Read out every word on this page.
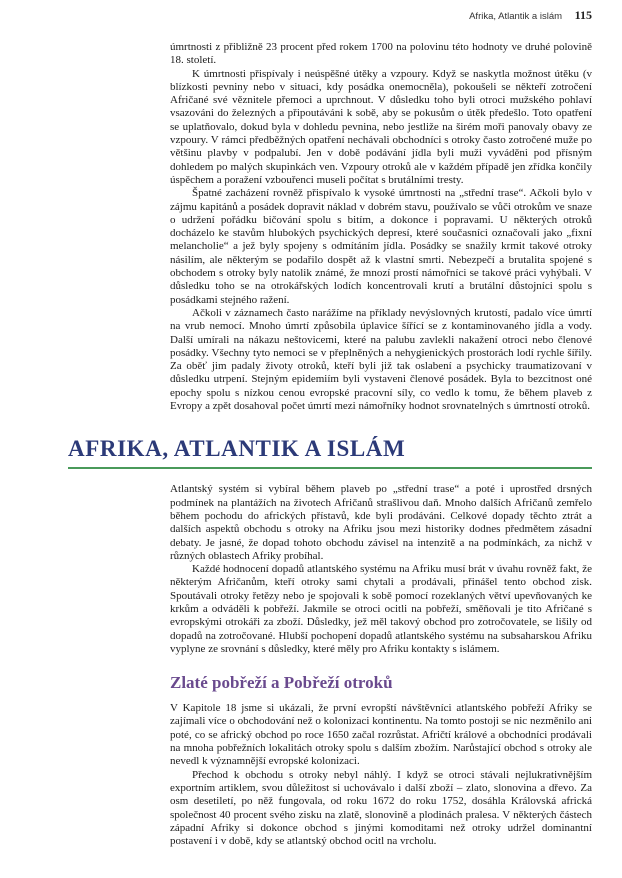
Afrika, Atlantik a islám 115

úmrtnosti z přibližně 23 procent před rokem 1700 na polovinu této hodnoty ve druhé polovině 18. století.

K úmrtnosti přispívaly i neúspěšné útěky a vzpoury. Když se naskytla možnost útěku (v blízkosti pevniny nebo v situaci, kdy posádka onemocněla), pokoušeli se někteří zotročení Afričané své věznitele přemoci a uprchnout. V důsledku toho byli otroci mužského pohlaví vsazováni do železných a připoutáváni k sobě, aby se pokusům o útěk předešlo. Toto opatření se uplatňovalo, dokud byla v dohledu pevnina, nebo jestliže na širém moři panovaly obavy ze vzpoury. V rámci předběžných opatření nechávali obchodníci s otroky často zotročené muže po většinu plavby v podpalubí. Jen v době podávání jídla byli muži vyváděni pod přísným dohledem po malých skupinkách ven. Vzpoury otroků ale v každém případě jen zřídka končily úspěchem a poražení vzbouřenci museli počítat s brutálními tresty.

Špatné zacházení rovněž přispívalo k vysoké úmrtnosti na „střední trase“. Ačkoli bylo v zájmu kapitánů a posádek dopravit náklad v dobrém stavu, používalo se vůči otrokům ve snaze o udržení pořádku bičování spolu s bitím, a dokonce i popravami. U některých otroků docházelo ke stavům hlubokých psychických depresí, které současníci označovali jako „fixní melancholie“ a jež byly spojeny s odmítáním jídla. Posádky se snažily krmit takové otroky násilím, ale některým se podařilo dospět až k vlastní smrti. Nebezpečí a brutalita spojené s obchodem s otroky byly natolik známé, že mnozí prostí námořníci se takové práci vyhýbali. V důsledku toho se na otrokářských lodích koncentrovali krutí a brutální důstojníci spolu s posádkami stejného ražení.

Ačkoli v záznamech často narážíme na příklady nevýslovných krutostí, padalo více úmrtí na vrub nemocí. Mnoho úmrtí způsobila úplavice šířící se z kontaminovaného jídla a vody. Další umírali na nákazu neštovicemi, které na palubu zavlekli nakažení otroci nebo členové posádky. Všechny tyto nemoci se v přeplněných a nehygienických prostorách lodí rychle šířily. Za oběť jim padaly životy otroků, kteří byli již tak oslabení a psychicky traumatizovaní v důsledku utrpení. Stejným epidemiím byli vystaveni členové posádek. Byla to bezcitnost oné epochy spolu s nízkou cenou evropské pracovní síly, co vedlo k tomu, že během plaveb z Evropy a zpět dosahoval počet úmrtí mezi námořníky hodnot srovnatelných s úmrtností otroků.

AFRIKA, ATLANTIK A ISLÁM

Atlantský systém si vybíral během plaveb po „střední trase“ a poté i uprostřed drsných podmínek na plantážích na životech Afričanů strašlivou daň. Mnoho dalších Afričanů zemřelo během pochodu do afrických přístavů, kde byli prodáváni. Celkové dopady těchto ztrát a dalších aspektů obchodu s otroky na Afriku jsou mezi historiky dodnes předmětem zásadní debaty. Je jasné, že dopad tohoto obchodu závisel na intenzitě a na podmínkách, za nichž v různých oblastech Afriky probíhal.

Každé hodnocení dopadů atlantského systému na Afriku musí brát v úvahu rovněž fakt, že některým Afričanům, kteří otroky sami chytali a prodávali, přinášel tento obchod zisk. Spoutávali otroky řetězy nebo je spojovali k sobě pomocí rozeklaných větví upevňovaných ke krkům a odváděli k pobřeží. Jakmile se otroci ocitli na pobřeží, směňovali je tito Afričané s evropskými otrokáři za zboží. Důsledky, jež měl takový obchod pro zotročovatele, se lišily od dopadů na zotročované. Hlubší pochopení dopadů atlantského systému na subsaharskou Afriku vyplyne ze srovnání s důsledky, které měly pro Afriku kontakty s islámem.

Zlaté pobřeží a Pobřeží otroků

V Kapitole 18 jsme si ukázali, že první evropští návštěvníci atlantského pobřeží Afriky se zajímali více o obchodování než o kolonizaci kontinentu. Na tomto postoji se nic nezměnilo ani poté, co se africký obchod po roce 1650 začal rozrůstat. Afričtí králové a obchodníci prodávali na mnoha pobřežních lokalitách otroky spolu s dalším zbožím. Narůstající obchod s otroky ale nevedl k významnější evropské kolonizaci.

Přechod k obchodu s otroky nebyl náhlý. I když se otroci stávali nejlukrativnějším exportním artiklem, svou důležitost si uchovávalo i další zboží – zlato, slonovina a dřevo. Za osm desetiletí, po něž fungovala, od roku 1672 do roku 1752, dosáhla Královská africká společnost 40 procent svého zisku na zlatě, slonovině a plodinách pralesa. V některých částech západní Afriky si dokonce obchod s jinými komoditami než otroky udržel dominantní postavení i v době, kdy se atlantský obchod ocitl na vrcholu.
